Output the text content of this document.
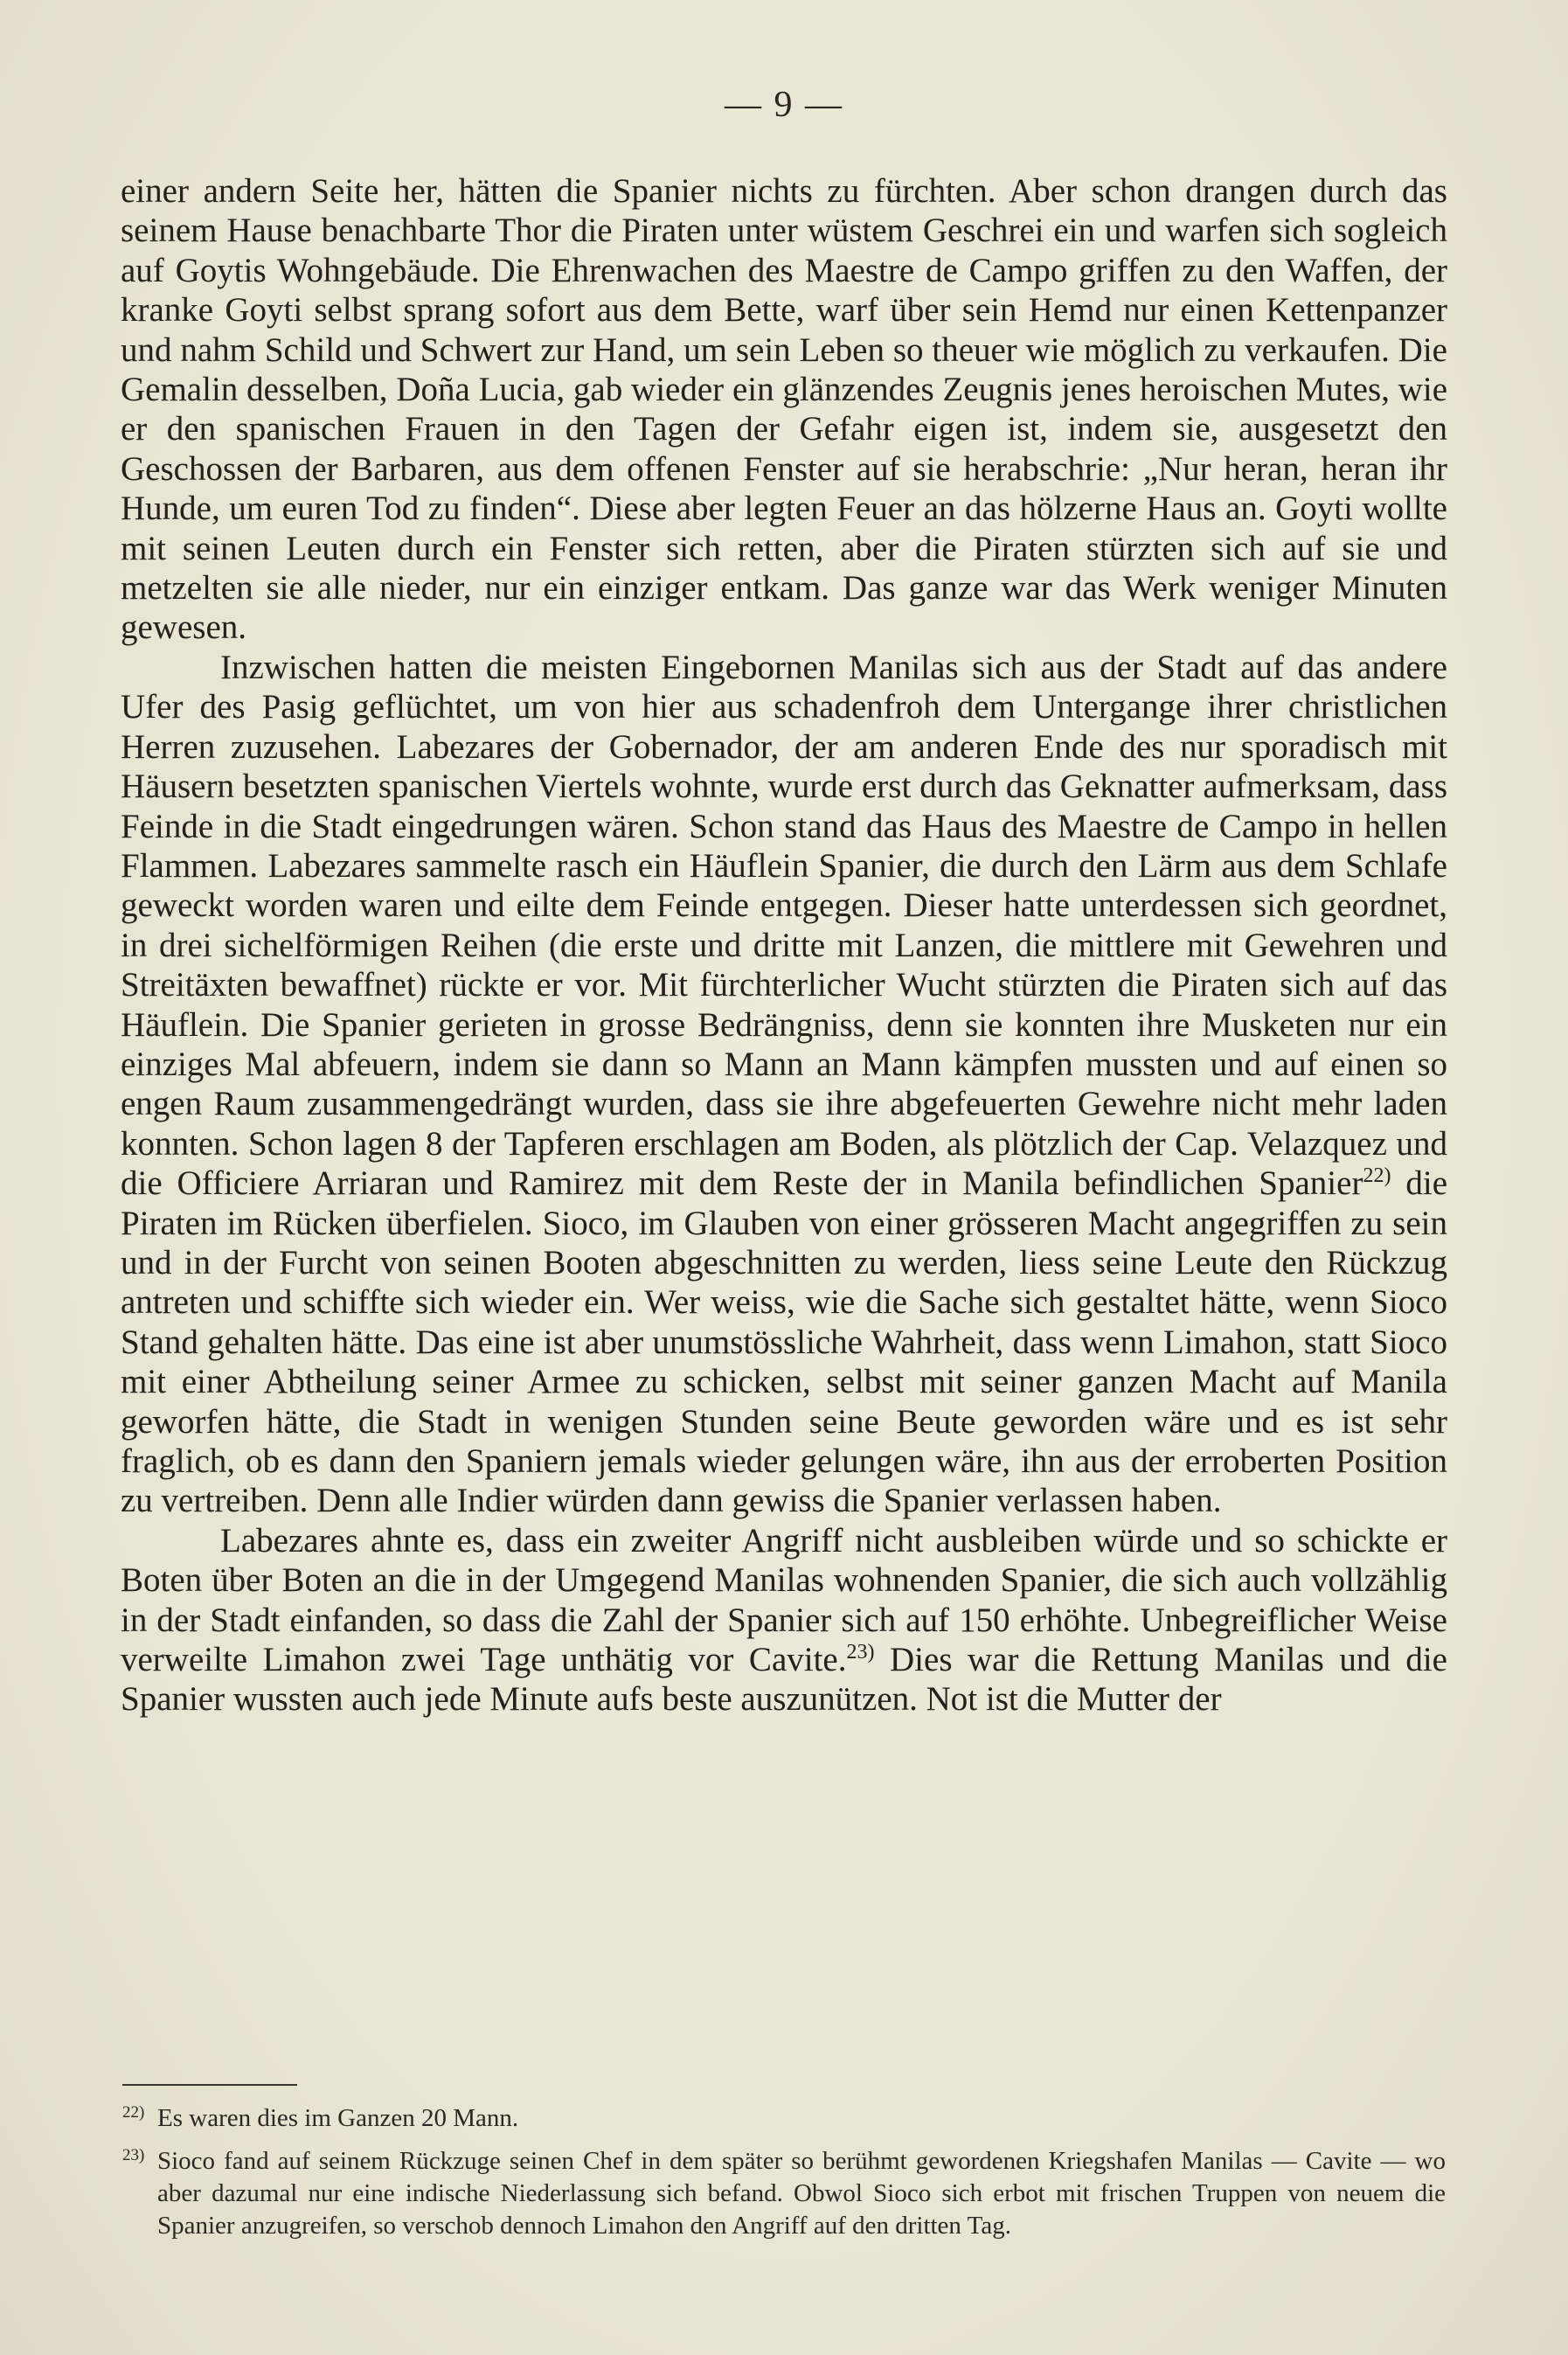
— 9 —

einer andern Seite her, hätten die Spanier nichts zu fürchten. Aber schon drangen durch das seinem Hause benachbarte Thor die Piraten unter wüstem Geschrei ein und warfen sich sogleich auf Goytis Wohngebäude. Die Ehrenwachen des Maestre de Campo griffen zu den Waffen, der kranke Goyti selbst sprang sofort aus dem Bette, warf über sein Hemd nur einen Kettenpanzer und nahm Schild und Schwert zur Hand, um sein Leben so theuer wie möglich zu verkaufen. Die Gemalin desselben, Doña Lucia, gab wieder ein glänzendes Zeugnis jenes heroischen Mutes, wie er den spanischen Frauen in den Tagen der Gefahr eigen ist, indem sie, ausgesetzt den Geschossen der Barbaren, aus dem offenen Fenster auf sie herabschrie: „Nur heran, heran ihr Hunde, um euren Tod zu finden“. Diese aber legten Feuer an das hölzerne Haus an. Goyti wollte mit seinen Leuten durch ein Fenster sich retten, aber die Piraten stürzten sich auf sie und metzelten sie alle nieder, nur ein einziger entkam. Das ganze war das Werk weniger Minuten gewesen.

Inzwischen hatten die meisten Eingebornen Manilas sich aus der Stadt auf das andere Ufer des Pasig geflüchtet, um von hier aus schadenfroh dem Untergange ihrer christlichen Herren zuzusehen. Labezares der Gobernador, der am anderen Ende des nur sporadisch mit Häusern besetzten spanischen Viertels wohnte, wurde erst durch das Geknatter aufmerksam, dass Feinde in die Stadt eingedrungen wären. Schon stand das Haus des Maestre de Campo in hellen Flammen. Labezares sammelte rasch ein Häuflein Spanier, die durch den Lärm aus dem Schlafe geweckt worden waren und eilte dem Feinde entgegen. Dieser hatte unterdessen sich geordnet, in drei sichelförmigen Reihen (die erste und dritte mit Lanzen, die mittlere mit Gewehren und Streitäxten bewaffnet) rückte er vor. Mit fürchterlicher Wucht stürzten die Piraten sich auf das Häuflein. Die Spanier gerieten in grosse Bedrängniss, denn sie konnten ihre Musketen nur ein einziges Mal abfeuern, indem sie dann so Mann an Mann kämpfen mussten und auf einen so engen Raum zusammengedrängt wurden, dass sie ihre abgefeuerten Gewehre nicht mehr laden konnten. Schon lagen 8 der Tapferen erschlagen am Boden, als plötzlich der Cap. Velazquez und die Officiere Arriaran und Ramirez mit dem Reste der in Manila befindlichen Spanier$^{22)}$ die Piraten im Rücken überfielen. Sioco, im Glauben von einer grösseren Macht angegriffen zu sein und in der Furcht von seinen Booten abgeschnitten zu werden, liess seine Leute den Rückzug antreten und schiffte sich wieder ein. Wer weiss, wie die Sache sich gestaltet hätte, wenn Sioco Stand gehalten hätte. Das eine ist aber unumstössliche Wahrheit, dass wenn Limahon, statt Sioco mit einer Abtheilung seiner Armee zu schicken, selbst mit seiner ganzen Macht auf Manila geworfen hätte, die Stadt in wenigen Stunden seine Beute geworden wäre und es ist sehr fraglich, ob es dann den Spaniern jemals wieder gelungen wäre, ihn aus der erroberten Position zu vertreiben. Denn alle Indier würden dann gewiss die Spanier verlassen haben.

Labezares ahnte es, dass ein zweiter Angriff nicht ausbleiben würde und so schickte er Boten über Boten an die in der Umgegend Manilas wohnenden Spanier, die sich auch vollzählig in der Stadt einfanden, so dass die Zahl der Spanier sich auf 150 erhöhte. Unbegreiflicher Weise verweilte Limahon zwei Tage unthätig vor Cavite.$^{23)}$ Dies war die Rettung Manilas und die Spanier wussten auch jede Minute aufs beste auszunützen. Not ist die Mutter der

22) Es waren dies im Ganzen 20 Mann.
23) Sioco fand auf seinem Rückzuge seinen Chef in dem später so berühmt gewordenen Kriegshafen Manilas — Cavite — wo aber dazumal nur eine indische Niederlassung sich befand. Obwol Sioco sich erbot mit frischen Truppen von neuem die Spanier anzugreifen, so verschob dennoch Limahon den Angriff auf den dritten Tag.
